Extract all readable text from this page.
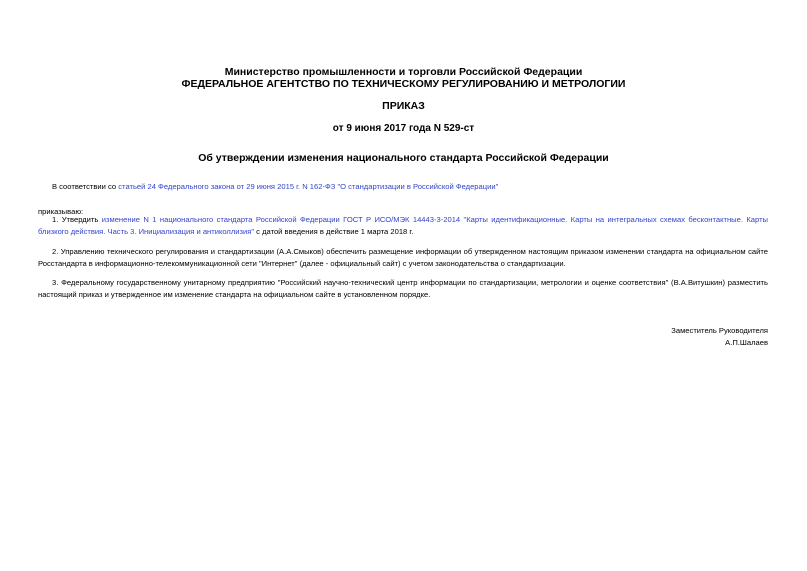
Министерство промышленности и торговли Российской Федерации
ФЕДЕРАЛЬНОЕ АГЕНТСТВО ПО ТЕХНИЧЕСКОМУ РЕГУЛИРОВАНИЮ И МЕТРОЛОГИИ
ПРИКАЗ
от 9 июня 2017 года N 529-ст
Об утверждении изменения национального стандарта Российской Федерации
В соответствии со статьей 24 Федерального закона от 29 июня 2015 г. N 162-ФЗ "О стандартизации в Российской Федерации"
приказываю:
1. Утвердить изменение N 1 национального стандарта Российской Федерации ГОСТ Р ИСО/МЭК 14443-3-2014 "Карты идентификационные. Карты на интегральных схемах бесконтактные. Карты близкого действия. Часть 3. Инициализация и антиколлизия" с датой введения в действие 1 марта 2018 г.
2. Управлению технического регулирования и стандартизации (А.А.Смыков) обеспечить размещение информации об утвержденном настоящим приказом изменении стандарта на официальном сайте Росстандарта в информационно-телекоммуникационной сети "Интернет" (далее - официальный сайт) с учетом законодательства о стандартизации.
3. Федеральному государственному унитарному предприятию "Российский научно-технический центр информации по стандартизации, метрологии и оценке соответствия" (В.А.Витушкин) разместить настоящий приказ и утвержденное им изменение стандарта на официальном сайте в установленном порядке.
Заместитель Руководителя
А.П.Шалаев
